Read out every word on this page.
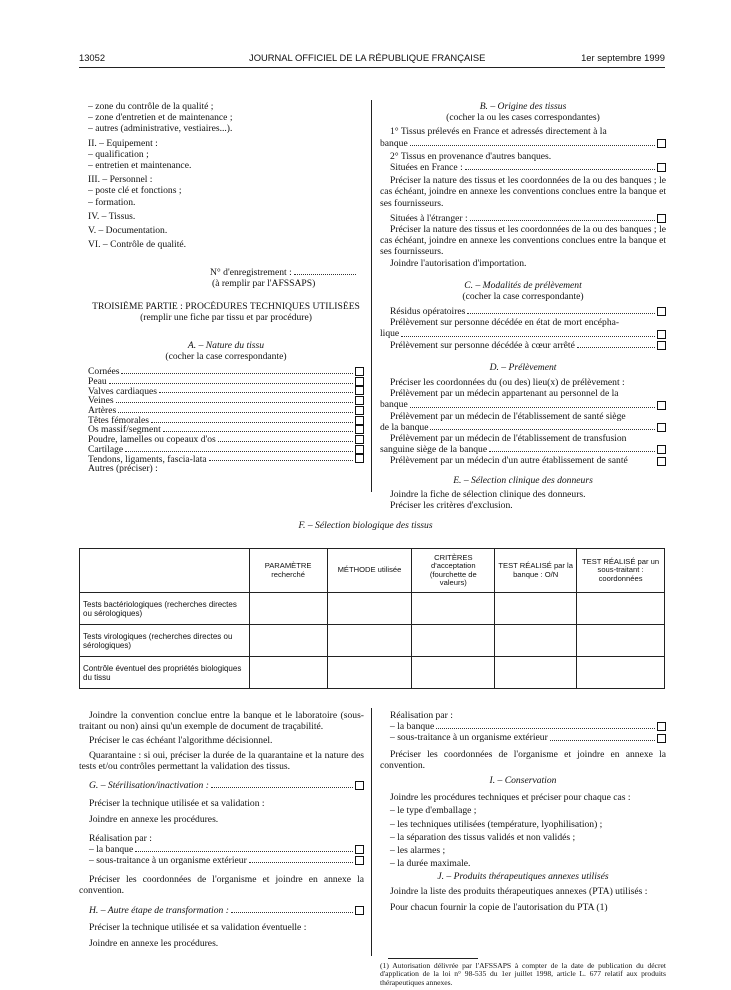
13052	JOURNAL OFFICIEL DE LA RÉPUBLIQUE FRANÇAISE	1er septembre 1999
– zone du contrôle de la qualité ;
– zone d'entretien et de maintenance ;
– autres (administrative, vestiaires...).
II. – Equipement :
– qualification ;
– entretien et maintenance.
III. – Personnel :
– poste clé et fonctions ;
– formation.
IV. – Tissus.
V. – Documentation.
VI. – Contrôle de qualité.
N° d'enregistrement :
(à remplir par l'AFSSAPS)
TROISIÈME PARTIE : PROCÉDURES TECHNIQUES UTILISÉES
(remplir une fiche par tissu et par procédure)
A. – Nature du tissu
(cocher la case correspondante)
Cornées
Peau
Valves cardiaques
Veines
Artères
Têtes fémorales
Os massif/segment
Poudre, lamelles ou copeaux d'os
Cartilage
Tendons, ligaments, fascia-lata
Autres (préciser) :
B. – Origine des tissus
(cocher la ou les cases correspondantes)
1° Tissus prélevés en France et adressés directement à la
banque
2° Tissus en provenance d'autres banques.
Situées en France :
Préciser la nature des tissus et les coordonnées de la ou des banques ; le cas échéant, joindre en annexe les conventions conclues entre la banque et ses fournisseurs.
Situées à l'étranger :
Préciser la nature des tissus et les coordonnées de la ou des banques ; le cas échéant, joindre en annexe les conventions conclues entre la banque et ses fournisseurs.
Joindre l'autorisation d'importation.
C. – Modalités de prélèvement
(cocher la case correspondante)
Résidus opératoires
Prélèvement sur personne décédée en état de mort encépha-
lique
Prélèvement sur personne décédée à cœur arrêté
D. – Prélèvement
Préciser les coordonnées du (ou des) lieu(x) de prélèvement :
Prélèvement par un médecin appartenant au personnel de la
banque
Prélèvement par un médecin de l'établissement de santé siège
de la banque
Prélèvement par un médecin de l'établissement de transfusion
sanguine siège de la banque
Prélèvement par un médecin d'un autre établissement de santé
E. – Sélection clinique des donneurs
Joindre la fiche de sélection clinique des donneurs.
Préciser les critères d'exclusion.
F. – Sélection biologique des tissus
	PARAMÈTRE recherché	MÉTHODE utilisée	CRITÈRES d'acceptation (fourchette de valeurs)	TEST RÉALISÉ par la banque : O/N	TEST RÉALISÉ par un sous-traitant : coordonnées
Tests bactériologiques (recherches directes ou sérologiques)					
Tests virologiques (recherches directes ou sérologiques)					
Contrôle éventuel des propriétés biologiques du tissu					
Joindre la convention conclue entre la banque et le laboratoire (sous-traitant ou non) ainsi qu'un exemple de document de traçabilité.
Préciser le cas échéant l'algorithme décisionnel.
Quarantaine : si oui, préciser la durée de la quarantaine et la nature des tests et/ou contrôles permettant la validation des tissus.
G. – Stérilisation/inactivation :
Préciser la technique utilisée et sa validation :
Joindre en annexe les procédures.
Réalisation par :
– la banque
– sous-traitance à un organisme extérieur
Préciser les coordonnées de l'organisme et joindre en annexe la convention.
H. – Autre étape de transformation :
Préciser la technique utilisée et sa validation éventuelle :
Joindre en annexe les procédures.
Réalisation par :
– la banque
– sous-traitance à un organisme extérieur
Préciser les coordonnées de l'organisme et joindre en annexe la convention.
I. – Conservation
Joindre les procédures techniques et préciser pour chaque cas :
– le type d'emballage ;
– les techniques utilisées (température, lyophilisation) ;
– la séparation des tissus validés et non validés ;
– les alarmes ;
– la durée maximale.
J. – Produits thérapeutiques annexes utilisés
Joindre la liste des produits thérapeutiques annexes (PTA) utilisés :
Pour chacun fournir la copie de l'autorisation du PTA (1)
(1) Autorisation délivrée par l'AFSSAPS à compter de la date de publication du décret d'application de la loi n° 98-535 du 1er juillet 1998, article L. 677 relatif aux produits thérapeutiques annexes.
